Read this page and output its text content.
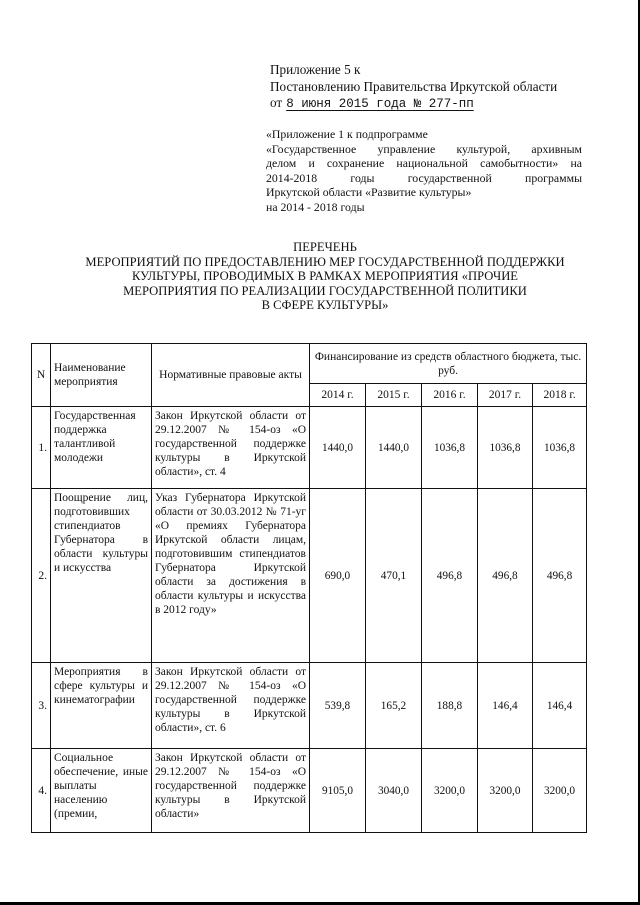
Приложение 5 к
Постановлению Правительства Иркутской области
от 8 июня 2015 года № 277-пп
«Приложение 1 к подпрограмме
«Государственное управление культурой, архивным
делом и сохранение национальной самобытности» на
2014-2018 годы государственной программы
Иркутской области «Развитие культуры»
на 2014 - 2018 годы
ПЕРЕЧЕНЬ
МЕРОПРИЯТИЙ ПО ПРЕДОСТАВЛЕНИЮ МЕР ГОСУДАРСТВЕННОЙ ПОДДЕРЖКИ
КУЛЬТУРЫ, ПРОВОДИМЫХ В РАМКАХ МЕРОПРИЯТИЯ «ПРОЧИЕ
МЕРОПРИЯТИЯ ПО РЕАЛИЗАЦИИ ГОСУДАРСТВЕННОЙ ПОЛИТИКИ
В СФЕРЕ КУЛЬТУРЫ»
N	Наименование мероприятия	Нормативные правовые акты	Финансирование из средств областного бюджета, тыс. руб.				
			2014 г.	2015 г.	2016 г.	2017 г.	2018 г.
1.	Государственная поддержка талантливой молодежи	Закон Иркутской области от 29.12.2007 № 154-оз «О государственной поддержке культуры в Иркутской области», ст. 4	1440,0	1440,0	1036,8	1036,8	1036,8
2.	Поощрение лиц, подготовивших стипендиатов Губернатора в области культуры и искусства	Указ Губернатора Иркутской области от 30.03.2012 № 71-уг «О премиях Губернатора Иркутской области лицам, подготовившим стипендиатов Губернатора Иркутской области за достижения в области культуры и искусства в 2012 году»	690,0	470,1	496,8	496,8	496,8
3.	Мероприятия в сфере культуры и кинематографии	Закон Иркутской области от 29.12.2007 № 154-оз «О государственной поддержке культуры в Иркутской области», ст. 6	539,8	165,2	188,8	146,4	146,4
4.	Социальное обеспечение, иные выплаты населению (премии,	Закон Иркутской области от 29.12.2007 № 154-оз «О государственной поддержке культуры в Иркутской области»	9105,0	3040,0	3200,0	3200,0	3200,0
